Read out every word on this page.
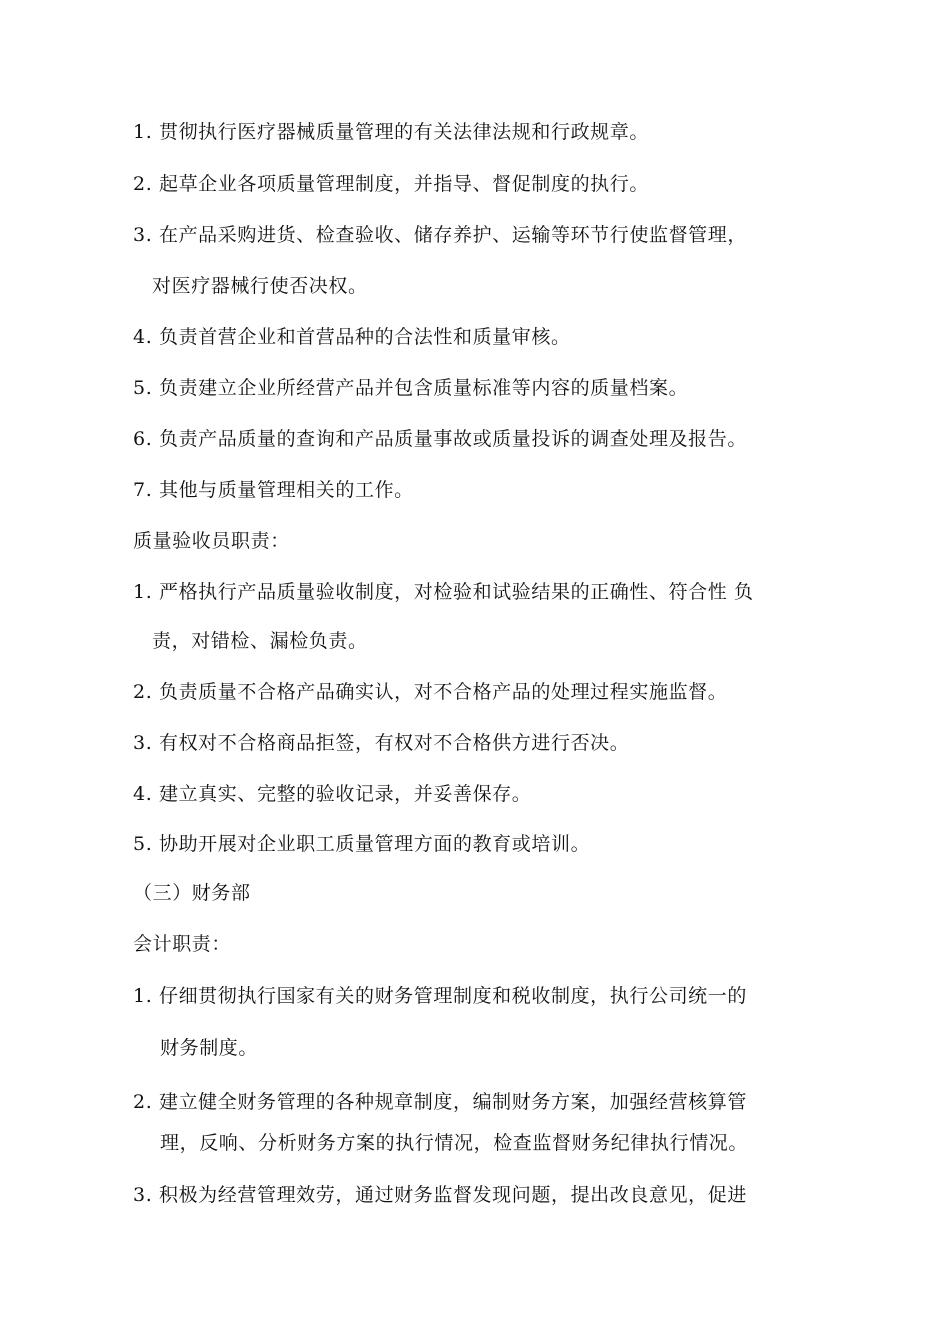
1. 贯彻执行医疗器械质量管理的有关法律法规和行政规章。
2. 起草企业各项质量管理制度，并指导、督促制度的执行。
3. 在产品采购进货、检查验收、储存养护、运输等环节行使监督管理，
对医疗器械行使否决权。
4. 负责首营企业和首营品种的合法性和质量审核。
5. 负责建立企业所经营产品并包含质量标准等内容的质量档案。
6. 负责产品质量的查询和产品质量事故或质量投诉的调查处理及报告。
7. 其他与质量管理相关的工作。
质量验收员职责：
1. 严格执行产品质量验收制度，对检验和试验结果的正确性、符合性 负
责，对错检、漏检负责。
2. 负责质量不合格产品确实认，对不合格产品的处理过程实施监督。
3. 有权对不合格商品拒签，有权对不合格供方进行否决。
4. 建立真实、完整的验收记录，并妥善保存。
5. 协助开展对企业职工质量管理方面的教育或培训。
（三）财务部
会计职责：
1. 仔细贯彻执行国家有关的财务管理制度和税收制度，执行公司统一的
财务制度。
2. 建立健全财务管理的各种规章制度，编制财务方案，加强经营核算管
理，反响、分析财务方案的执行情况，检查监督财务纪律执行情况。
3. 积极为经营管理效劳，通过财务监督发现问题，提出改良意见，促进
